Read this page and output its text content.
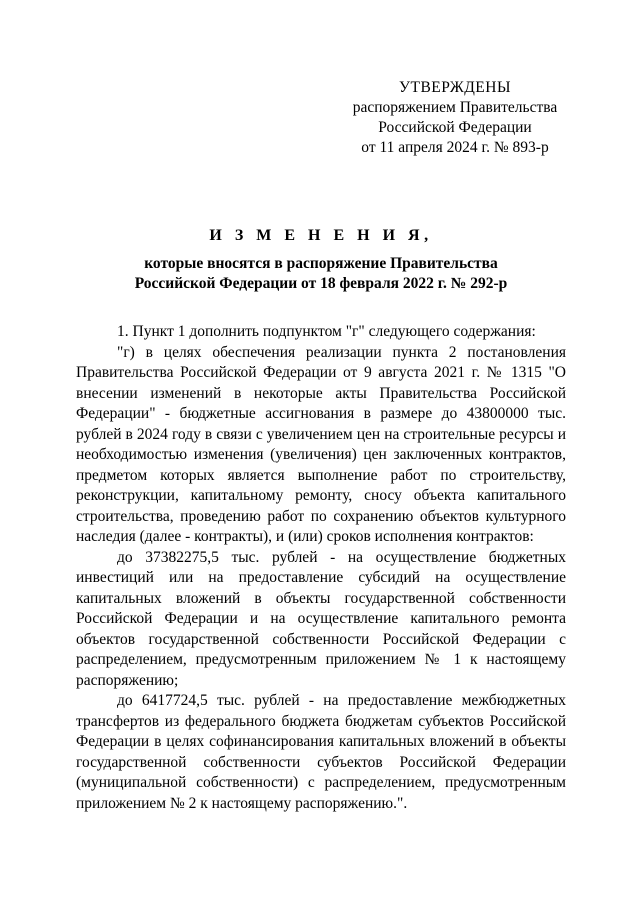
УТВЕРЖДЕНЫ
распоряжением Правительства
Российской Федерации
от 11 апреля 2024 г. № 893-р
И З М Е Н Е Н И Я,
которые вносятся в распоряжение Правительства
Российской Федерации от 18 февраля 2022 г. № 292-р

1. Пункт 1 дополнить подпунктом "г" следующего содержания:

"г) в целях обеспечения реализации пункта 2 постановления Правительства Российской Федерации от 9 августа 2021 г. № 1315 "О внесении изменений в некоторые акты Правительства Российской Федерации" - бюджетные ассигнования в размере до 43800000 тыс. рублей в 2024 году в связи с увеличением цен на строительные ресурсы и необходимостью изменения (увеличения) цен заключенных контрактов, предметом которых является выполнение работ по строительству, реконструкции, капитальному ремонту, сносу объекта капитального строительства, проведению работ по сохранению объектов культурного наследия (далее - контракты), и (или) сроков исполнения контрактов:

до 37382275,5 тыс. рублей - на осуществление бюджетных инвестиций или на предоставление субсидий на осуществление капитальных вложений в объекты государственной собственности Российской Федерации и на осуществление капитального ремонта объектов государственной собственности Российской Федерации с распределением, предусмотренным приложением № 1 к настоящему распоряжению;

до 6417724,5 тыс. рублей - на предоставление межбюджетных трансфертов из федерального бюджета бюджетам субъектов Российской Федерации в целях софинансирования капитальных вложений в объекты государственной собственности субъектов Российской Федерации (муниципальной собственности) с распределением, предусмотренным приложением № 2 к настоящему распоряжению.".
